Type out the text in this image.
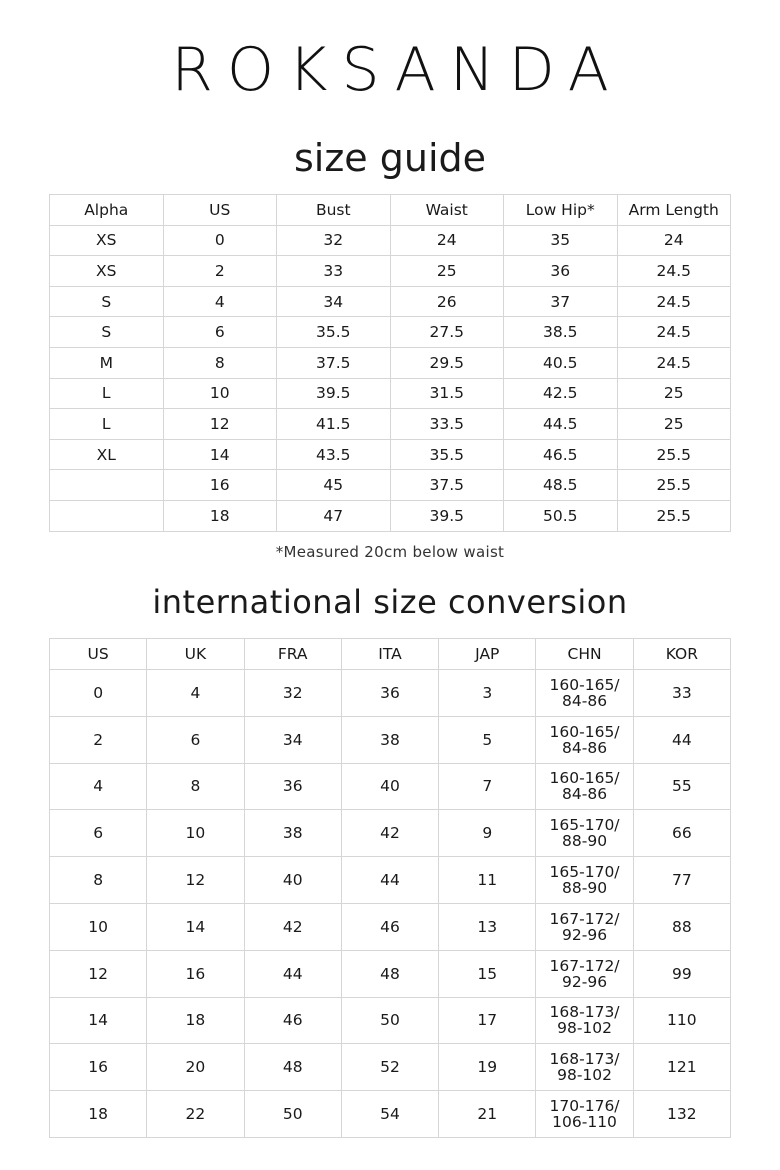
ROKSANDA
size guide
Alpha	US	Bust	Waist	Low Hip*	Arm Length
XS	0	32	24	35	24
XS	2	33	25	36	24.5
S	4	34	26	37	24.5
S	6	35.5	27.5	38.5	24.5
M	8	37.5	29.5	40.5	24.5
L	10	39.5	31.5	42.5	25
L	12	41.5	33.5	44.5	25
XL	14	43.5	35.5	46.5	25.5
	16	45	37.5	48.5	25.5
	18	47	39.5	50.5	25.5
*Measured 20cm below waist
international size conversion
US	UK	FRA	ITA	JAP	CHN	KOR
0	4	32	36	3	160-165/
84-86	33
2	6	34	38	5	160-165/
84-86	44
4	8	36	40	7	160-165/
84-86	55
6	10	38	42	9	165-170/
88-90	66
8	12	40	44	11	165-170/
88-90	77
10	14	42	46	13	167-172/
92-96	88
12	16	44	48	15	167-172/
92-96	99
14	18	46	50	17	168-173/
98-102	110
16	20	48	52	19	168-173/
98-102	121
18	22	50	54	21	170-176/
106-110	132
